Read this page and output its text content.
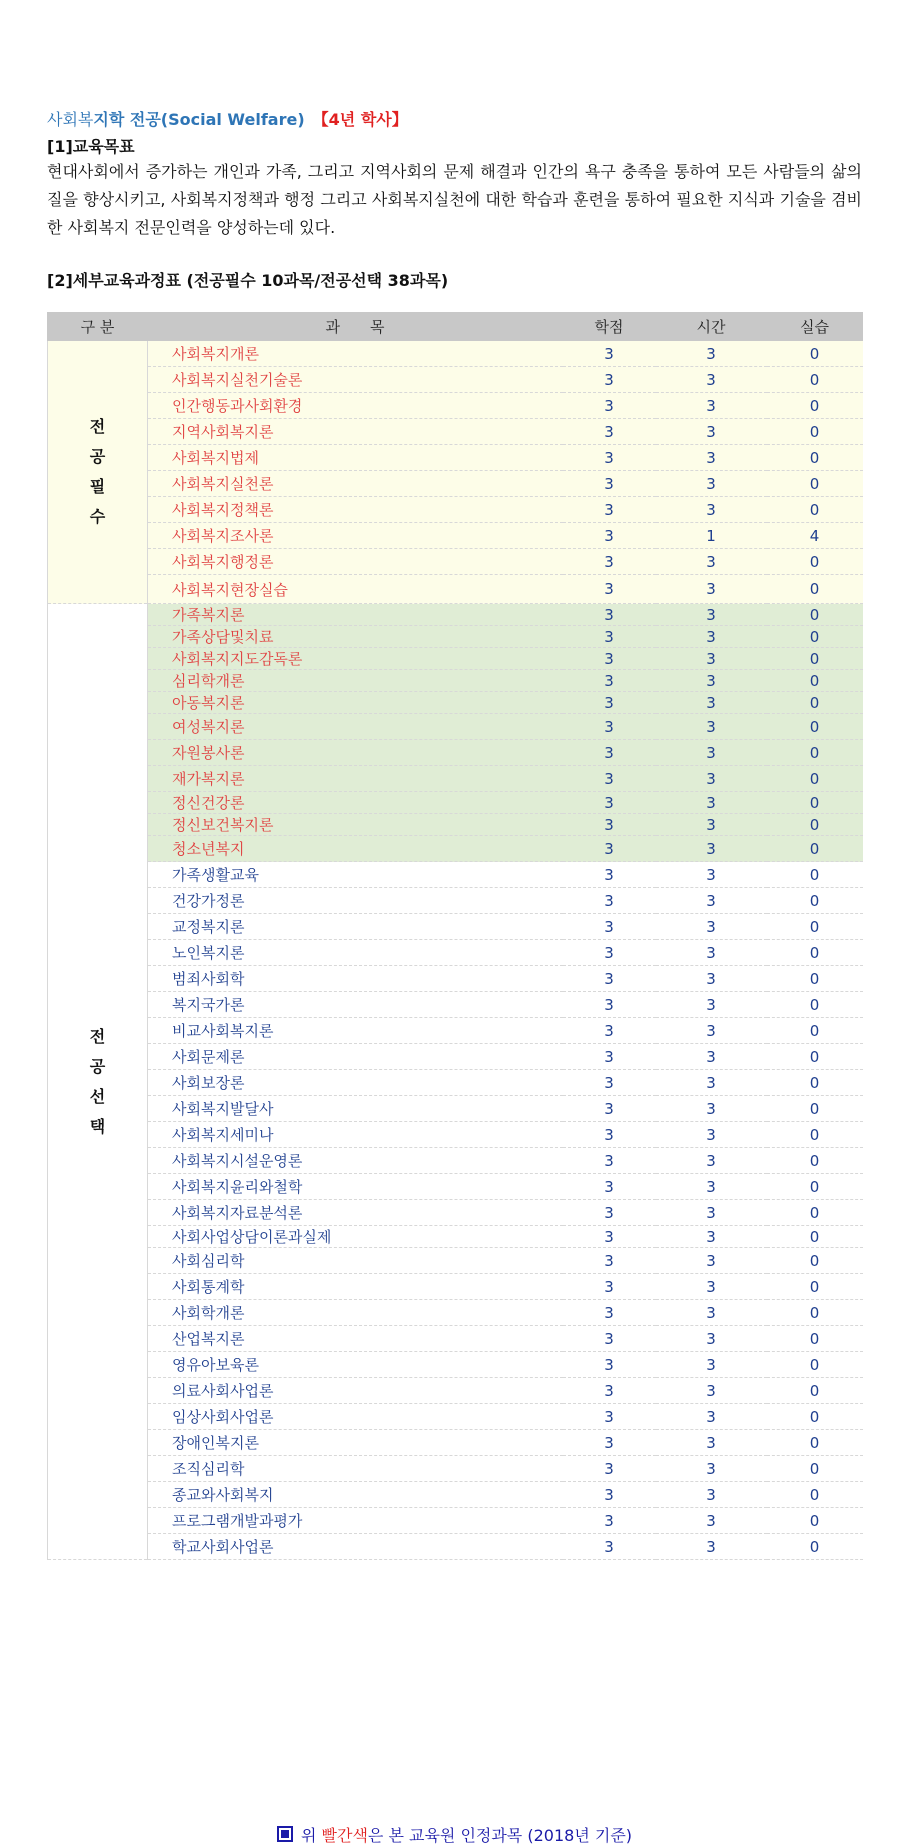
사회복지학 전공(Social Welfare) 【4년 학사】
[1]교육목표
현대사회에서 증가하는 개인과 가족, 그리고 지역사회의 문제 해결과 인간의 욕구 충족을 통하여 모든 사람들의 삶의 질을 향상시키고, 사회복지정책과 행정 그리고 사회복지실천에 대한 학습과 훈련을 통하여 필요한 지식과 기술을 겸비한 사회복지 전문인력을 양성하는데 있다.
[2]세부교육과정표 (전공필수 10과목/전공선택 38과목)
구 분	과　　목	학점	시간	실습

전
공
필
수	사회복지개론	3	3	0
	사회복지실천기술론	3	3	0
	인간행동과사회환경	3	3	0
	지역사회복지론	3	3	0
	사회복지법제	3	3	0
	사회복지실천론	3	3	0
	사회복지정책론	3	3	0
	사회복지조사론	3	1	4
	사회복지행정론	3	3	0
	사회복지현장실습	3	3	0

전
공
선
택	가족복지론	3	3	0
	가족상담및치료	3	3	0
	사회복지지도감독론	3	3	0
	심리학개론	3	3	0
	아동복지론	3	3	0
	여성복지론	3	3	0
	자원봉사론	3	3	0
	재가복지론	3	3	0
	정신건강론	3	3	0
	정신보건복지론	3	3	0
	청소년복지	3	3	0
	가족생활교육	3	3	0
	건강가정론	3	3	0
	교정복지론	3	3	0
	노인복지론	3	3	0
	범죄사회학	3	3	0
	복지국가론	3	3	0
	비교사회복지론	3	3	0
	사회문제론	3	3	0
	사회보장론	3	3	0
	사회복지발달사	3	3	0
	사회복지세미나	3	3	0
	사회복지시설운영론	3	3	0
	사회복지윤리와철학	3	3	0
	사회복지자료분석론	3	3	0
	사회사업상담이론과실제	3	3	0
	사회심리학	3	3	0
	사회통계학	3	3	0
	사회학개론	3	3	0
	산업복지론	3	3	0
	영유아보육론	3	3	0
	의료사회사업론	3	3	0
	임상사회사업론	3	3	0
	장애인복지론	3	3	0
	조직심리학	3	3	0
	종교와사회복지	3	3	0
	프로그램개발과평가	3	3	0
	학교사회사업론	3	3	0
위 빨간색은 본 교육원 인정과목 (2018년 기준)
